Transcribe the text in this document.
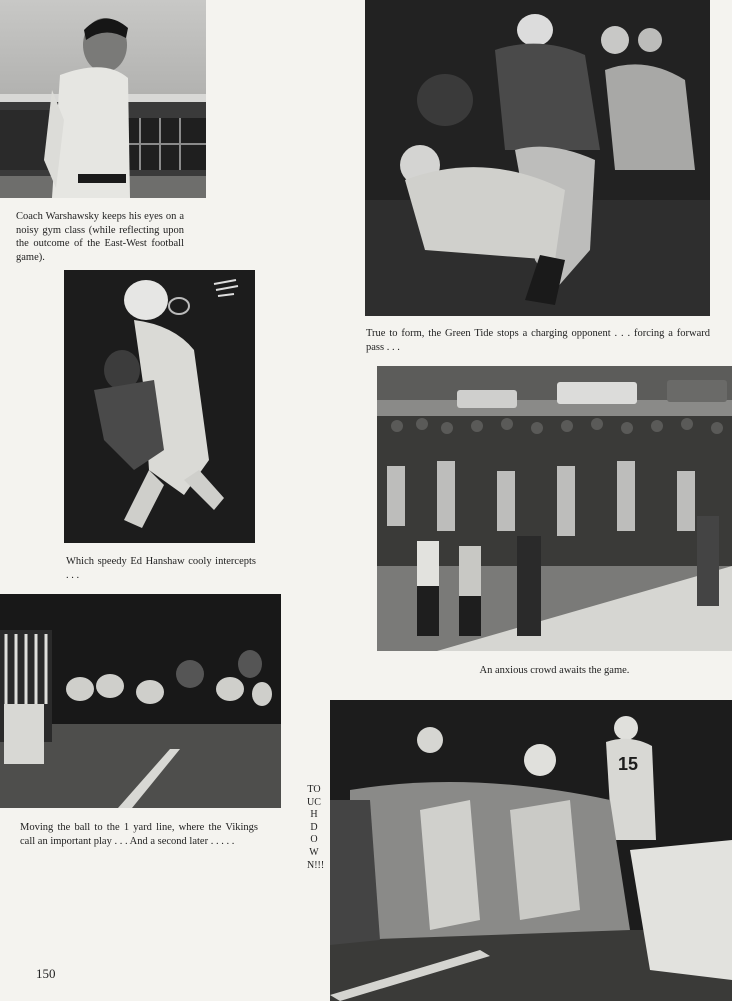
Coach Warshawsky keeps his eyes on a noisy gym class (while reflecting upon the outcome of the East-West football game).
True to form, the Green Tide stops a charging opponent . . . forcing a forward pass . . .
Which speedy Ed Hanshaw cooly intercepts . . .
An anxious crowd awaits the game.
Moving the ball to the 1 yard line, where the Vikings call an important play . . . And a second later . . . . .
TOUCHDOWN!!!
15
150
